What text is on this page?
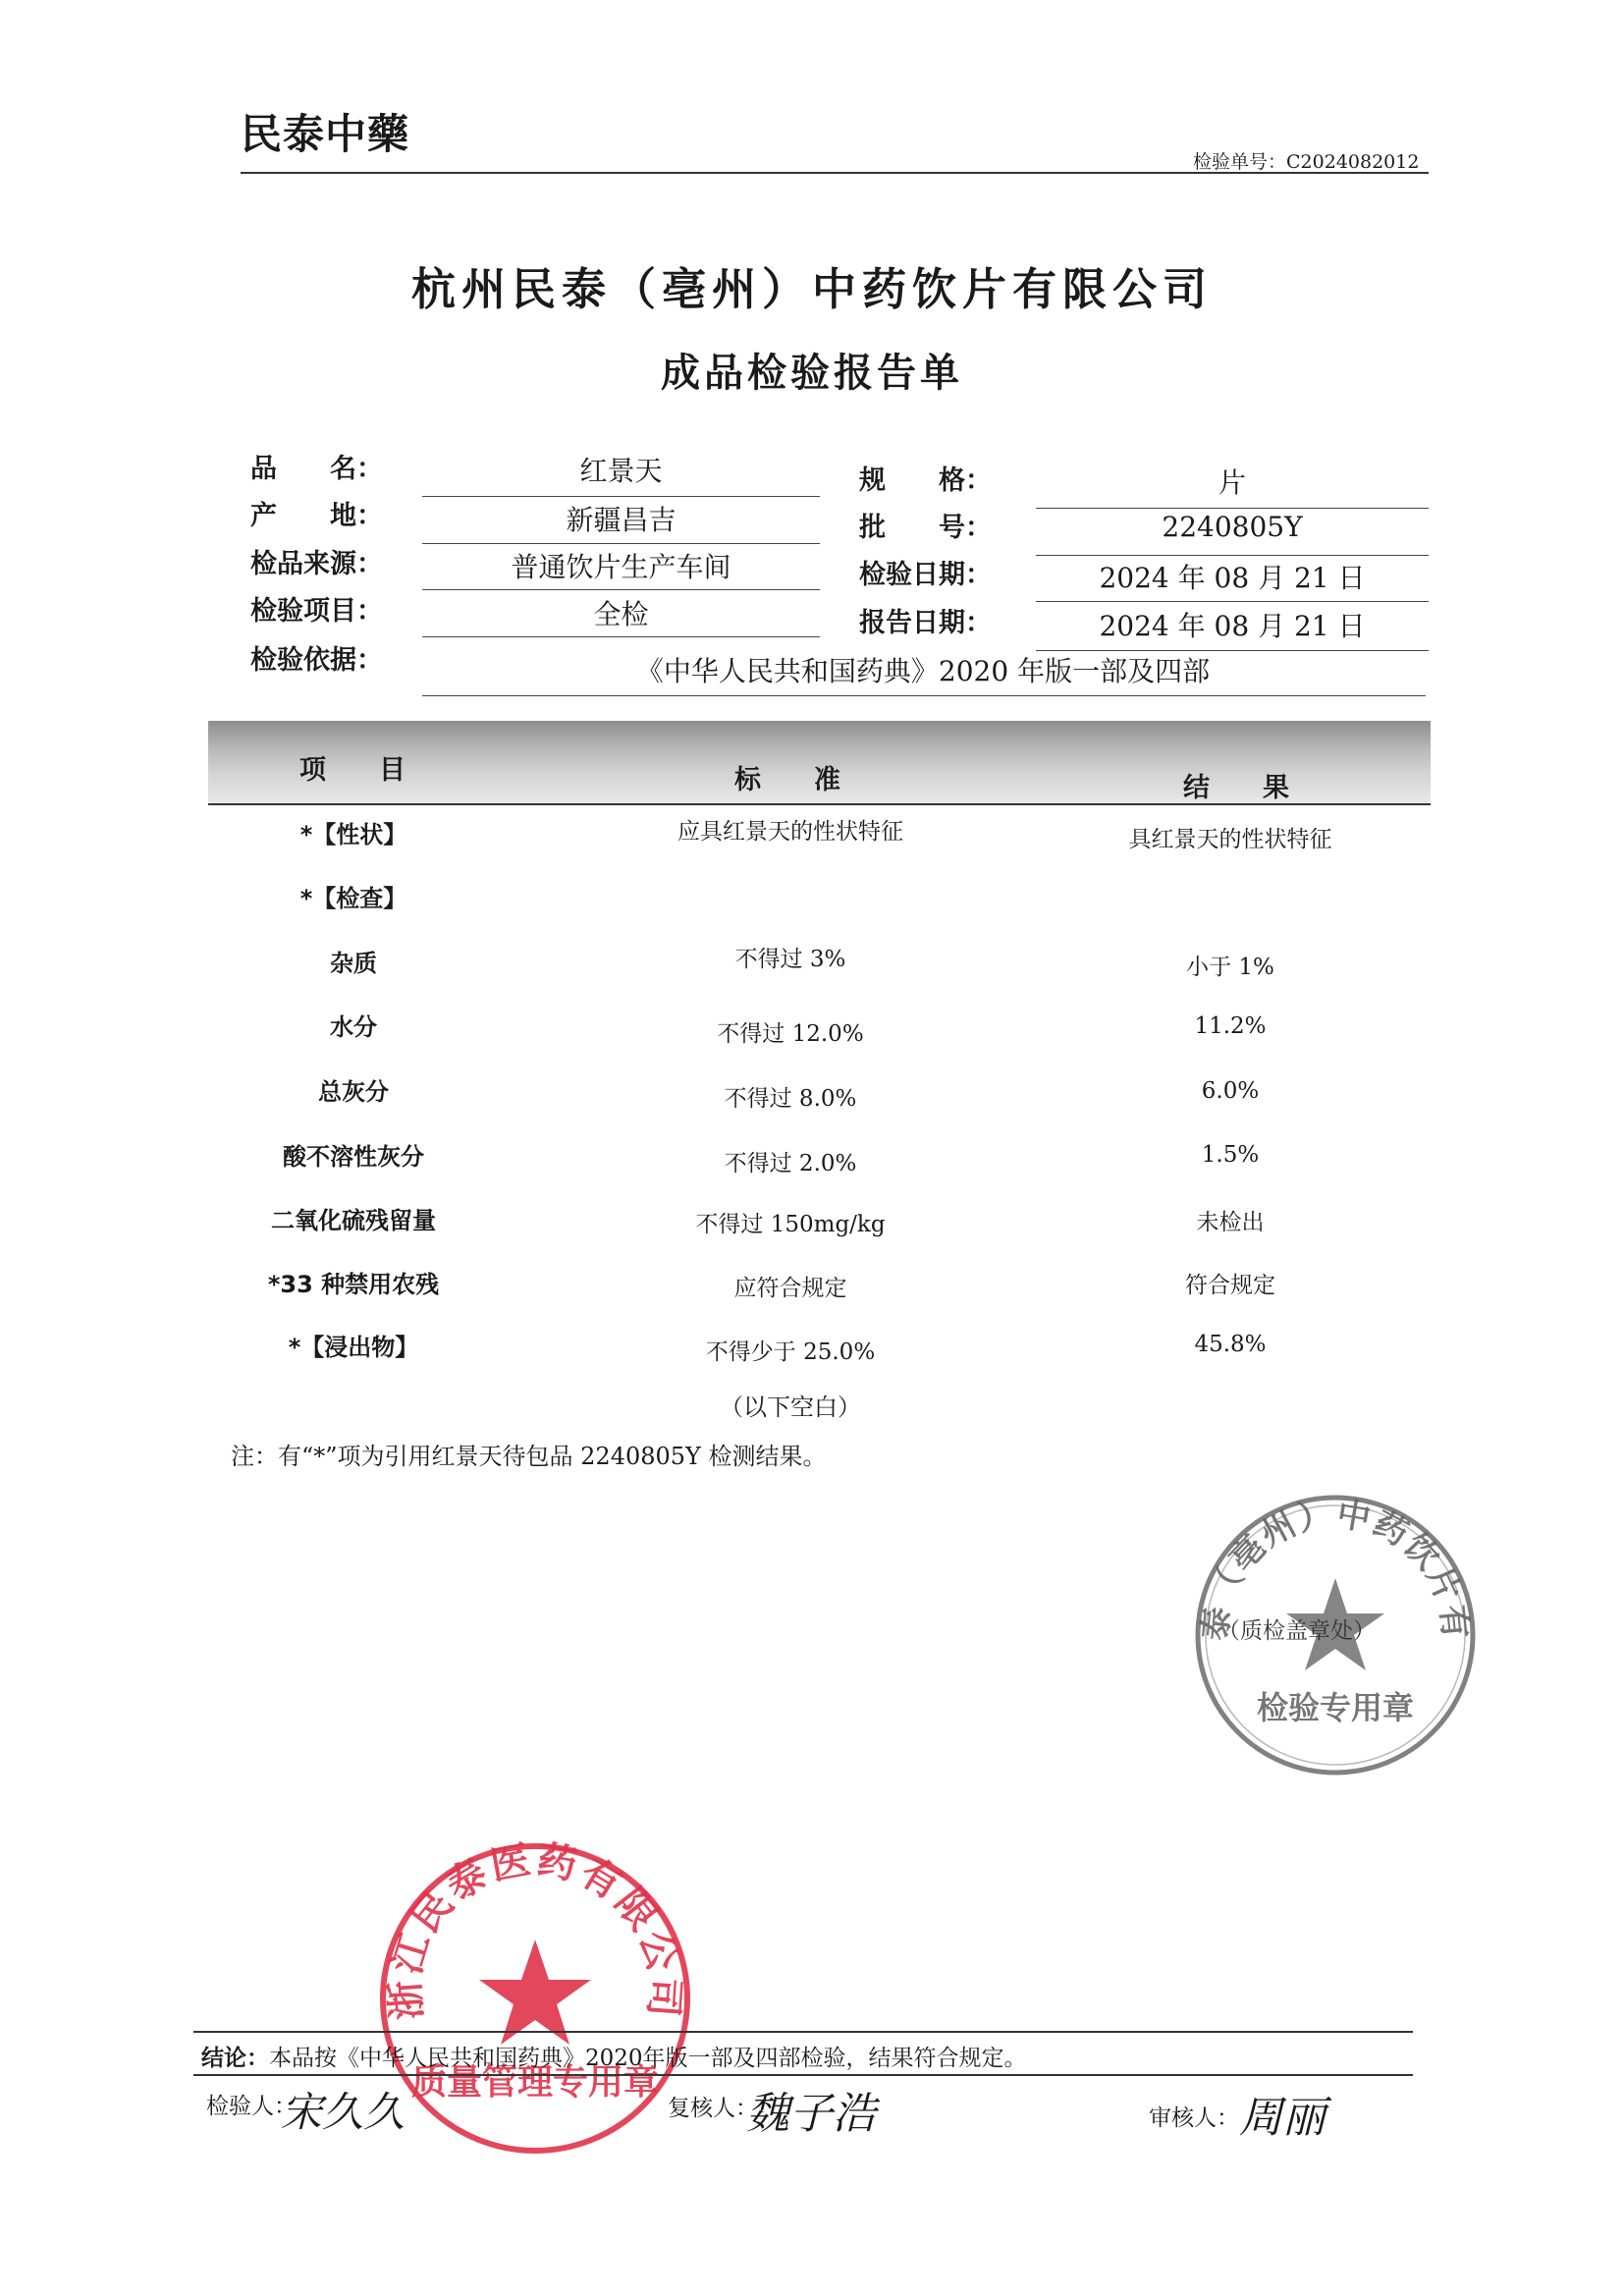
民泰中藥
检验单号：C2024082012
杭州民泰（亳州）中药饮片有限公司
成品检验报告单
品　　名：	红景天
产　　地：	新疆昌吉
检品来源：	普通饮片生产车间
检验项目：	全检
检验依据：	《中华人民共和国药典》2020 年版一部及四部
规　　格：	片
批　　号：	2240805Y
检验日期：	2024 年 08 月 21 日
报告日期：	2024 年 08 月 21 日
项　　目	标　　准	结　　果
*【性状】	应具红景天的性状特征	具红景天的性状特征
*【检查】
杂质	不得过 3%	小于 1%
水分	不得过 12.0%	11.2%
总灰分	不得过 8.0%	6.0%
酸不溶性灰分	不得过 2.0%	1.5%
二氧化硫残留量	不得过 150mg/kg	未检出
*33 种禁用农残	应符合规定	符合规定
*【浸出物】	不得少于 25.0%	45.8%
（以下空白）
注：有“*”项为引用红景天待包品 2240805Y 检测结果。
杭州民泰（亳州）中药饮片有限公司
检验专用章
（质检盖章处）
浙江民泰医药有限公司
质量管理专用章
结论：本品按《中华人民共和国药典》2020年版一部及四部检验，结果符合规定。
检验人：
宋久久	复核人：
魏子浩	审核人： 周丽
